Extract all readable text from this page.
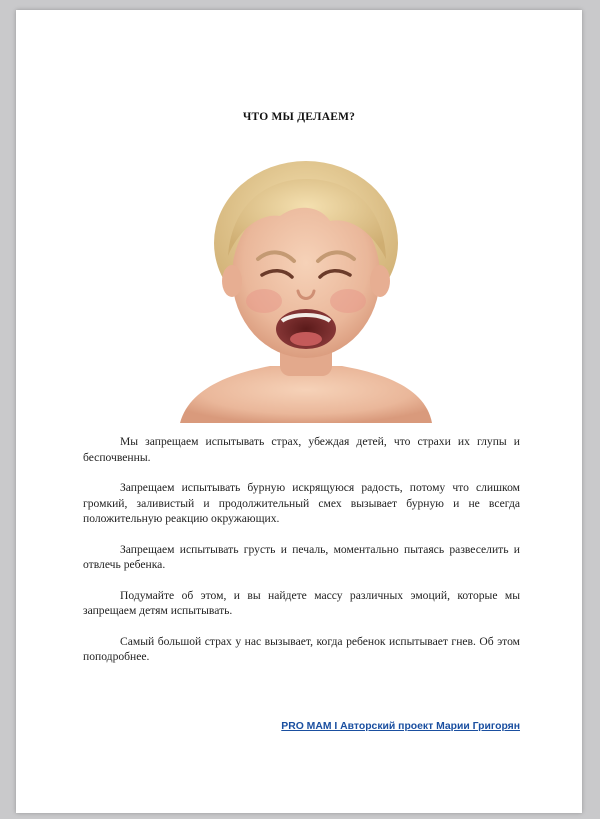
ЧТО МЫ ДЕЛАЕМ?

Мы запрещаем испытывать страх, убеждая детей, что страхи их глупы и беспочвенны.

Запрещаем испытывать бурную искрящуюся радость, потому что слишком громкий, заливистый и продолжительный смех вызывает бурную и не всегда положительную реакцию окружающих.

Запрещаем испытывать грусть и печаль, моментально пытаясь развеселить и отвлечь ребенка.

Подумайте об этом, и вы найдете массу различных эмоций, которые мы запрещаем детям испытывать.

Самый большой страх у нас вызывает, когда ребенок испытывает гнев. Об этом поподробнее.

PRO MAM I Авторский проект Марии Григорян
